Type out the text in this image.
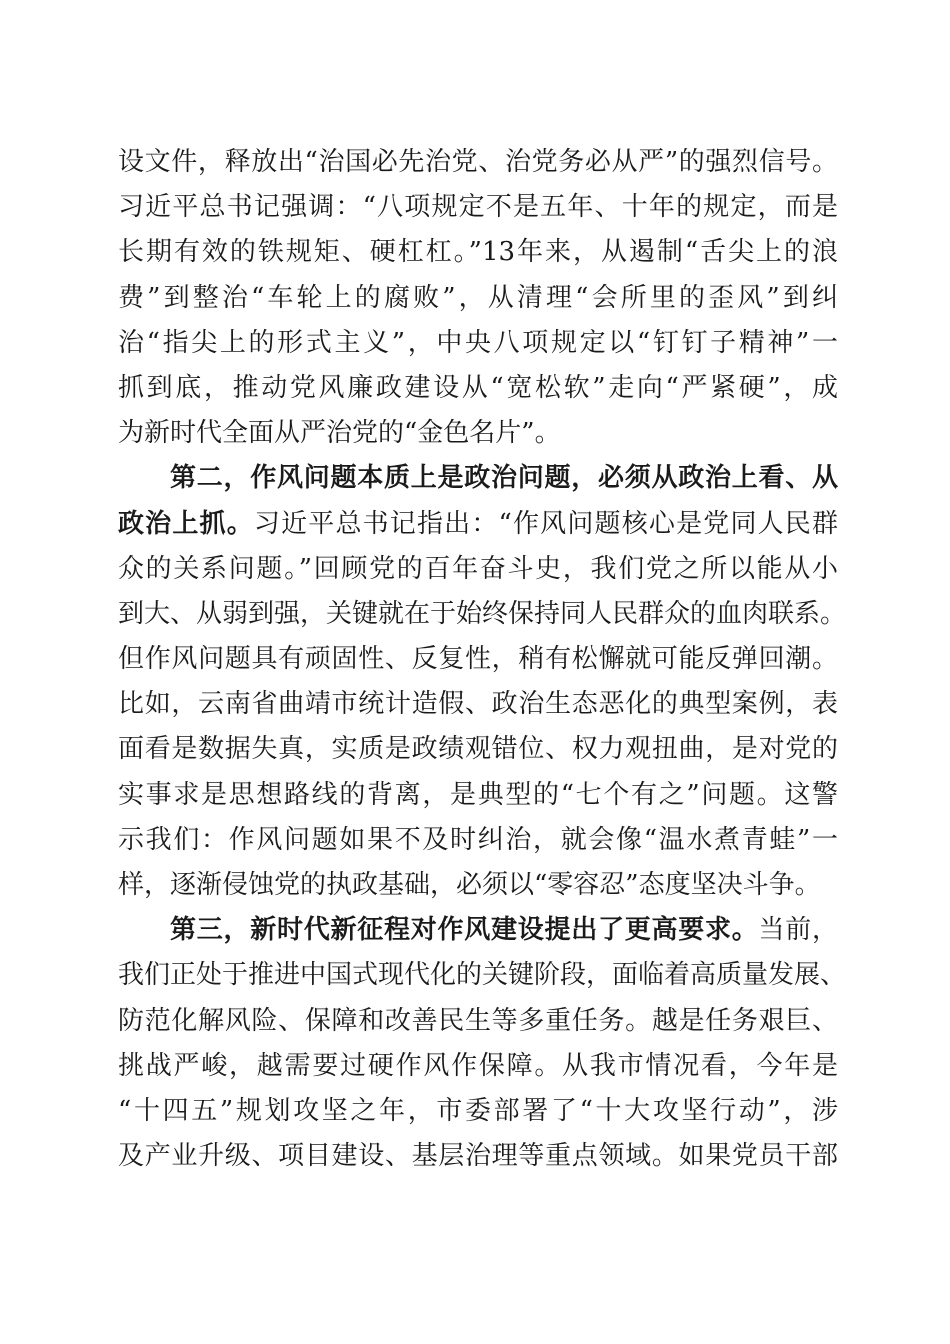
设文件，释放出“治国必先治党、治党务必从严”的强烈信号。
习近平总书记强调：“八项规定不是五年、十年的规定，而是
长期有效的铁规矩、硬杠杠。”13年来，从遏制“舌尖上的浪
费”到整治“车轮上的腐败”，从清理“会所里的歪风”到纠
治“指尖上的形式主义”，中央八项规定以“钉钉子精神”一
抓到底，推动党风廉政建设从“宽松软”走向“严紧硬”，成
为新时代全面从严治党的“金色名片”。
第二，作风问题本质上是政治问题，必须从政治上看、从
政治上抓。习近平总书记指出：“作风问题核心是党同人民群
众的关系问题。”回顾党的百年奋斗史，我们党之所以能从小
到大、从弱到强，关键就在于始终保持同人民群众的血肉联系。
但作风问题具有顽固性、反复性，稍有松懈就可能反弹回潮。
比如，云南省曲靖市统计造假、政治生态恶化的典型案例，表
面看是数据失真，实质是政绩观错位、权力观扭曲，是对党的
实事求是思想路线的背离，是典型的“七个有之”问题。这警
示我们：作风问题如果不及时纠治，就会像“温水煮青蛙”一
样，逐渐侵蚀党的执政基础，必须以“零容忍”态度坚决斗争。
第三，新时代新征程对作风建设提出了更高要求。当前，
我们正处于推进中国式现代化的关键阶段，面临着高质量发展、
防范化解风险、保障和改善民生等多重任务。越是任务艰巨、
挑战严峻，越需要过硬作风作保障。从我市情况看，今年是
“十四五”规划攻坚之年，市委部署了“十大攻坚行动”，涉
及产业升级、项目建设、基层治理等重点领域。如果党员干部
